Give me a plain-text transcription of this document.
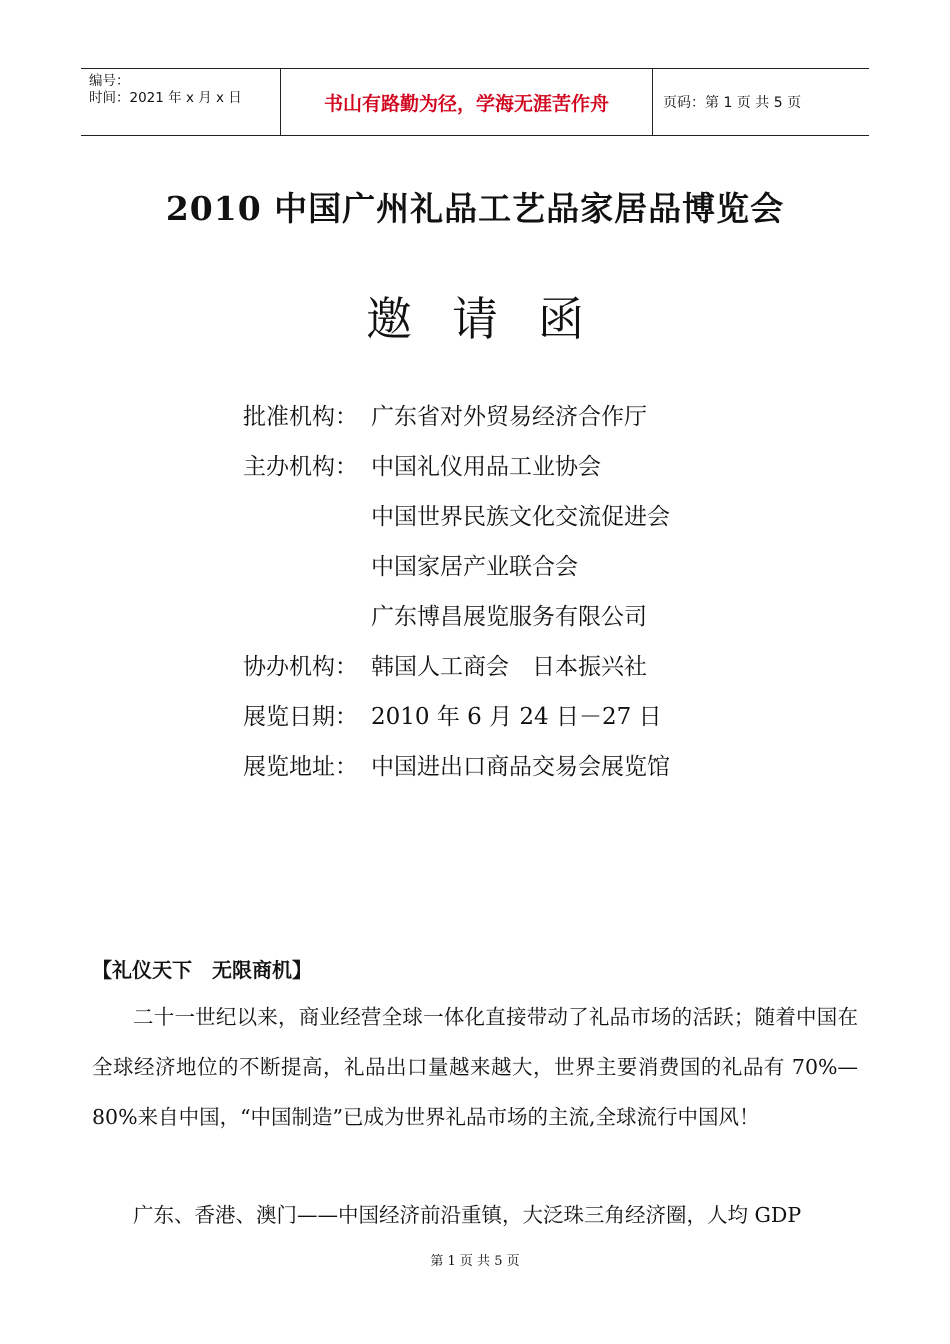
编号：
时间：2021 年 x 月 x 日	书山有路勤为径，学海无涯苦作舟	页码：第 1 页 共 5 页
2010 中国广州礼品工艺品家居品博览会
邀请函
批准机构： 广东省对外贸易经济合作厅
主办机构： 中国礼仪用品工业协会
中国世界民族文化交流促进会
中国家居产业联合会
广东博昌展览服务有限公司
协办机构： 韩国人工商会　日本振兴社
展览日期： 2010 年 6 月 24 日－27 日
展览地址： 中国进出口商品交易会展览馆
【礼仪天下　无限商机】
二十一世纪以来，商业经营全球一体化直接带动了礼品市场的活跃；随着中国在全球经济地位的不断提高，礼品出口量越来越大，世界主要消费国的礼品有 70%—80%来自中国，“中国制造”已成为世界礼品市场的主流,全球流行中国风！
广东、香港、澳门——中国经济前沿重镇，大泛珠三角经济圈，人均 GDP
第 1 页 共 5 页
